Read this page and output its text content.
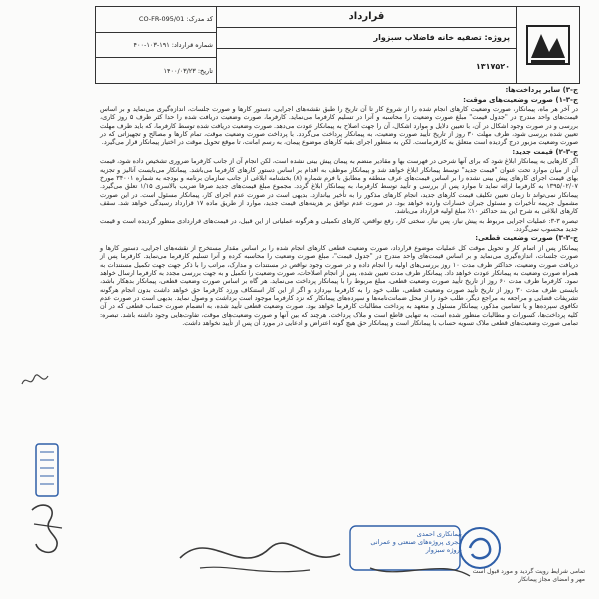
کد مدرک: CO-FR-095/01
شماره قرارداد: ۱۹۱-۱۰۳-۴۰۰
تاریخ: ۱۴۰۰/۰۳/۲۳
قرارداد
پروژه: تصفیه خانه فاضلاب سبزوار
۱۳۱۷۵۲۰
ج-۳) سایر پرداخت‌ها:
ج-۳-۱) صورت وضعیت‌های موقت:

در آخر هر ماه، پیمانکار، صورت وضعیت کارهای انجام شده را از شروع کار تا آن تاریخ را طبق نقشه‌های اجرایی، دستور کارها و صورت جلسات، اندازه‌گیری می‌نماید و بر اساس قیمت‌های واحد مندرج در "جدول قیمت" مبلغ صورت وضعیت را محاسبه و آنرا در تسلیم کارفرما می‌نماید. کارفرما، صورت وضعیت دریافت شده را حدا کثر ظرف ۵ روز کاری، بررسی و در صورت وجود اشکال در آن، با تعیین دلایل و موارد اشکال، آن را جهت اصلاح به پیمانکار عودت می‌دهد. صورت وضعیت دریافت شده توسط کارفرما، که باید ظرف مهلت تعیین شده بررسی شود، ظرف مهلت ۳۰ روز از تاریخ تأیید صورت وضعیت، به پیمانکار پرداخت می‌گردد. با پرداخت صورت وضعیت موقت، تمام کارها و مصالح و تجهیزاتی که در صورت وضعیت مزبور درج گردیده است متعلق به کارفرماست. لکن به منظور اجرای بقیه کارهای موضوع پیمان، به رسم امانت، تا موقع تحویل موقت در اختیار پیمانکار قرار می‌گیرد.

ج-۳-۲) قیمت جدید:

اگر کارهایی به پیمانکار ابلاغ شود که برای آنها شرحی در فهرست بها و مقادیر منضم به پیمان پیش بینی نشده است، لکن انجام آن از جانب کارفرما ضروری تشخیص داده شود، قیمت آن از میان موارد تحت عنوان "قیمت جدید" توسط پیمانکار ابلاغ خواهد شد و پیمانکار موظف به اقدام بر اساس دستور کارهای کارفرما می‌باشد. پیمانکار می‌بایست آنالیز و تجزیه بهای قیمت اجرای کارهای پیش بینی نشده را بر اساس قیمت‌های عرف منطقه و مطابق با فرم شماره (۸) بخشنامه ابلاغی از جانب سازمان برنامه و بودجه به شماره ۳۴۰۰۱ مورخ ۱۳۹۵/۰۲/۰۷ به کارفرما ارائه نماید تا موارد پس از بررسی و تأیید توسط کارفرما، به پیمانکار ابلاغ گردد. مجموع مبلغ قیمت‌های جدید صرفا ضریب بالاسری ۱/۱۵ تعلق می‌گیرد. پیمانکار نمی‌تواند تا زمان تعیین تکلیف قیمت کارهای جدید، انجام کارهای مذکور را به تأخیر بیاندازد. بدیهی است در صورت عدم اجرای کار، پیمانکار مسئول است. در این صورت مشمول جریمه تأخیرات و مسئول جبران خسارات وارده خواهد بود. در صورت عدم توافق بر هزینه‌های قیمت جدید، موارد از طریق ماده ۱۷ قرارداد رسیدگی خواهد شد. سقف کارهای ابلاغی به شرح این بند حداکثر ۱۰٪ مبلغ اولیه قرارداد می‌باشد.

تبصره ۳-۳: عملیات اجرایی مربوط به پیش نیاز، پس نیاز، سختی کار، رفع نواقص، کارهای تکمیلی و هرگونه عملیاتی از این قبیل، در قیمت‌های قراردادی منظور گردیده است و قیمت جدید محسوب نمی‌گردد.

ج-۳-۳) صورت وضعیت قطعی:

پیمانکار پس از اتمام کار و تحویل موقت کل عملیات موضوع قرارداد، صورت وضعیت قطعی کارهای انجام شده را بر اساس مقدار مستخرج از نقشه‌های اجرایی، دستور کارها و صورت جلسات، اندازه‌گیری می‌نماید و بر اساس قیمت‌های واحد مندرج در "جدول قیمت"، مبلغ صورت وضعیت را محاسبه کرده و آنرا تسلیم کارفرما می‌نماید. کارفرما پس از دریافت صورت وضعیت، حداکثر ظرف مدت ۱۰ روز بررسی‌های اولیه را انجام داده و در صورت وجود نواقص در مستندات و مدارک، مراتب را با ذکر جهت جهت تکمیل مستندات به همراه صورت وضعیت به پیمانکار عودت خواهد داد. پیمانکار ظرف مدت تعیین شده، پس از انجام اصلاحات، صورت وضعیت را تکمیل و به جهت بررسی مجدد به کارفرما ارسال خواهد نمود. کارفرما ظرف مدت ۶۰ روز از تاریخ تأیید صورت وضعیت قطعی، مبلغ مربوط را با پیمانکار پرداخت می‌نماید. هر گاه بر اساس صورت وضعیت قطعی، پیمانکار بدهکار باشد، بایستی ظرف مدت ۳۰ روز از تاریخ تأیید صورت وضعیت قطعی، طلب خود را به کارفرما بپردازد و اگر از این کار استنکاف ورزد کارفرما حق خواهد داشت بدون انجام هرگونه تشریفات قضایی و مراجعه به مراجع دیگر، طلب خود را از محل ضمانت‌نامه‌ها و سپرده‌های پیمانکار که نزد کارفرما موجود است برداشت و وصول نماید. بدیهی است در صورت عدم تکافوی سپرده‌ها و یا تضامین مذکور، پیمانکار مسئول و متعهد به پرداخت مطالبات کارفرما خواهد بود. صورت وضعیت قطعی تأیید شده، به انضمام صورت حساب قطعی که در آن کلیه پرداخت‌ها، کسورات و مطالبات منظور شده است، به تنهایی قاطع است و ملاک پرداخت. هرچند که بین آنها و صورت وضعیت‌های موقت، تفاوت‌هایی وجود داشته باشد. تبصره: تمامی صورت وضعیت‌های قطعی ملاک تسویه حساب با پیمانکار است و پیمانکار حق هیچ گونه اعتراض و ادعایی در مورد آن پس از تأیید نخواهد داشت.

پیمانکاری احمدی
مجری پروژه‌های صنعتی و عمرانی
پروژه سبزوار
تمامی شرایط رویت گردید و مورد قبول است
مهر و امضای مجاز پیمانکار
